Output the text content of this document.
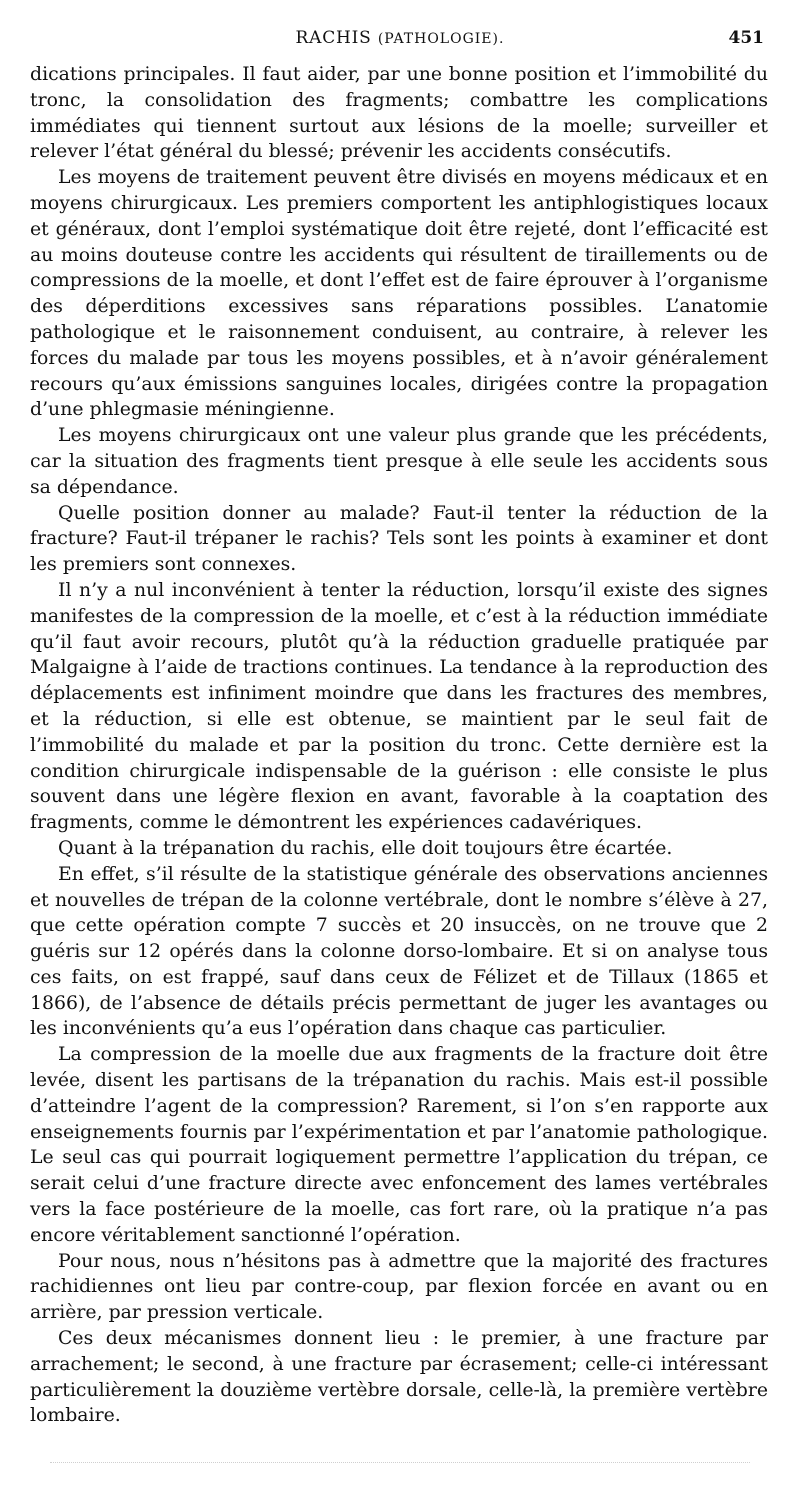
RACHIS (PATHOLOGIE).	451

dications principales. Il faut aider, par une bonne position et l’immobilité du tronc, la consolidation des fragments; combattre les complications immédiates qui tiennent surtout aux lésions de la moelle; surveiller et relever l’état général du blessé; prévenir les accidents consécutifs.

Les moyens de traitement peuvent être divisés en moyens médicaux et en moyens chirurgicaux. Les premiers comportent les antiphlogistiques locaux et généraux, dont l’emploi systématique doit être rejeté, dont l’efficacité est au moins douteuse contre les accidents qui résultent de tiraillements ou de compressions de la moelle, et dont l’effet est de faire éprouver à l’organisme des déperditions excessives sans réparations possibles. L’anatomie pathologique et le raisonnement conduisent, au contraire, à relever les forces du malade par tous les moyens possibles, et à n’avoir généralement recours qu’aux émissions sanguines locales, dirigées contre la propagation d’une phlegmasie méningienne.

Les moyens chirurgicaux ont une valeur plus grande que les précédents, car la situation des fragments tient presque à elle seule les accidents sous sa dépendance.

Quelle position donner au malade? Faut-il tenter la réduction de la fracture? Faut-il trépaner le rachis? Tels sont les points à examiner et dont les premiers sont connexes.

Il n’y a nul inconvénient à tenter la réduction, lorsqu’il existe des signes manifestes de la compression de la moelle, et c’est à la réduction immédiate qu’il faut avoir recours, plutôt qu’à la réduction graduelle pratiquée par Malgaigne à l’aide de tractions continues. La tendance à la reproduction des déplacements est infiniment moindre que dans les fractures des membres, et la réduction, si elle est obtenue, se maintient par le seul fait de l’immobilité du malade et par la position du tronc. Cette dernière est la condition chirurgicale indispensable de la guérison : elle consiste le plus souvent dans une légère flexion en avant, favorable à la coaptation des fragments, comme le démontrent les expériences cadavériques.

Quant à la trépanation du rachis, elle doit toujours être écartée.

En effet, s’il résulte de la statistique générale des observations anciennes et nouvelles de trépan de la colonne vertébrale, dont le nombre s’élève à 27, que cette opération compte 7 succès et 20 insuccès, on ne trouve que 2 guéris sur 12 opérés dans la colonne dorso-lombaire. Et si on analyse tous ces faits, on est frappé, sauf dans ceux de Félizet et de Tillaux (1865 et 1866), de l’absence de détails précis permettant de juger les avantages ou les inconvénients qu’a eus l’opération dans chaque cas particulier.

La compression de la moelle due aux fragments de la fracture doit être levée, disent les partisans de la trépanation du rachis. Mais est-il possible d’atteindre l’agent de la compression? Rarement, si l’on s’en rapporte aux enseignements fournis par l’expérimentation et par l’anatomie pathologique. Le seul cas qui pourrait logiquement permettre l’application du trépan, ce serait celui d’une fracture directe avec enfoncement des lames vertébrales vers la face postérieure de la moelle, cas fort rare, où la pratique n’a pas encore véritablement sanctionné l’opération.

Pour nous, nous n’hésitons pas à admettre que la majorité des fractures rachidiennes ont lieu par contre-coup, par flexion forcée en avant ou en arrière, par pression verticale.

Ces deux mécanismes donnent lieu : le premier, à une fracture par arrachement; le second, à une fracture par écrasement; celle-ci intéressant particulièrement la douzième vertèbre dorsale, celle-là, la première vertèbre lombaire.
